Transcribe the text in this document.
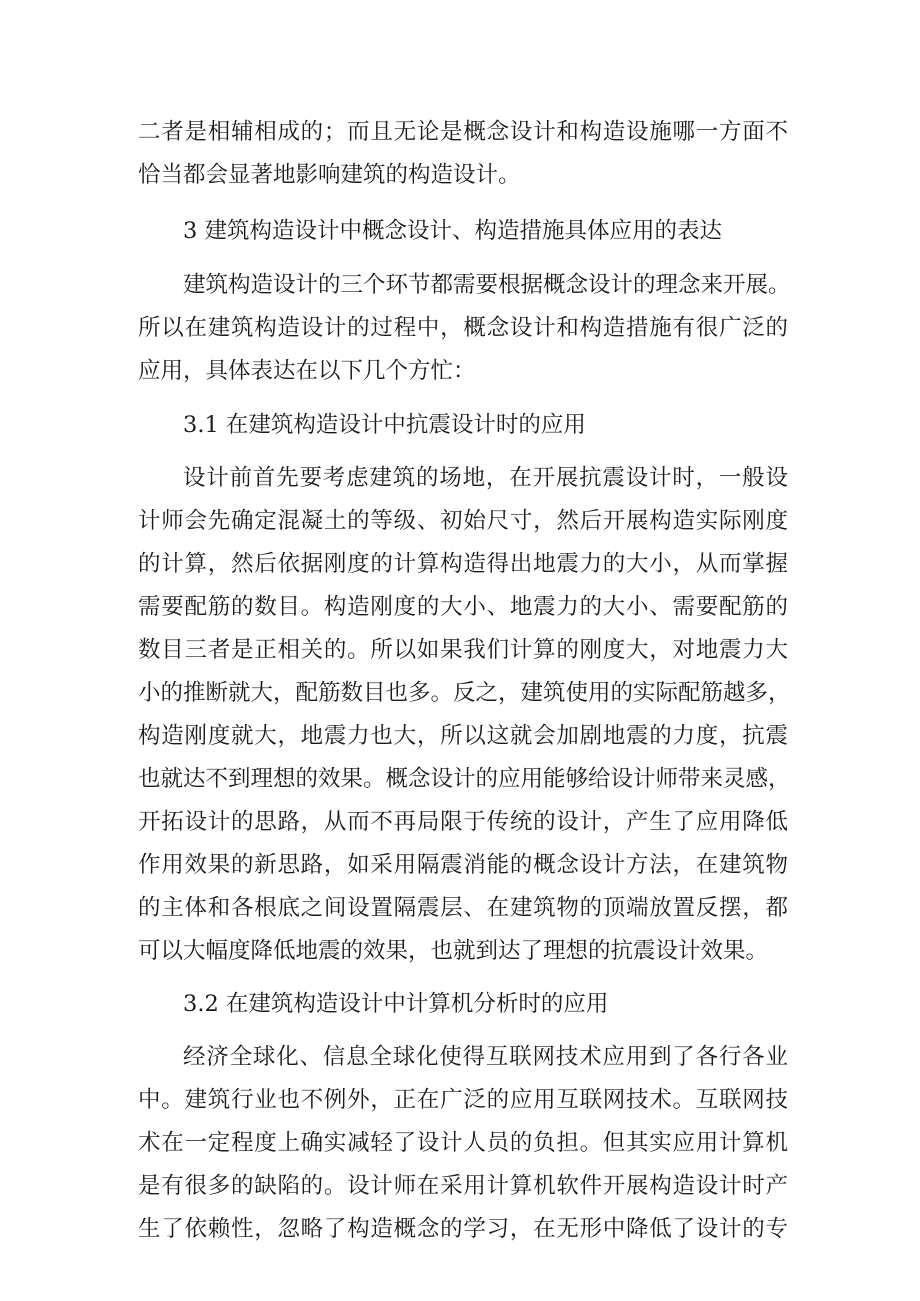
二者是相辅相成的；而且无论是概念设计和构造设施哪一方面不
恰当都会显著地影响建筑的构造设计。
3 建筑构造设计中概念设计、构造措施具体应用的表达
建筑构造设计的三个环节都需要根据概念设计的理念来开展。
所以在建筑构造设计的过程中，概念设计和构造措施有很广泛的
应用，具体表达在以下几个方忙：
3.1 在建筑构造设计中抗震设计时的应用
设计前首先要考虑建筑的场地，在开展抗震设计时，一般设
计师会先确定混凝土的等级、初始尺寸，然后开展构造实际刚度
的计算，然后依据刚度的计算构造得出地震力的大小，从而掌握
需要配筋的数目。构造刚度的大小、地震力的大小、需要配筋的
数目三者是正相关的。所以如果我们计算的刚度大，对地震力大
小的推断就大，配筋数目也多。反之，建筑使用的实际配筋越多，
构造刚度就大，地震力也大，所以这就会加剧地震的力度，抗震
也就达不到理想的效果。概念设计的应用能够给设计师带来灵感，
开拓设计的思路，从而不再局限于传统的设计，产生了应用降低
作用效果的新思路，如采用隔震消能的概念设计方法，在建筑物
的主体和各根底之间设置隔震层、在建筑物的顶端放置反摆，都
可以大幅度降低地震的效果，也就到达了理想的抗震设计效果。
3.2 在建筑构造设计中计算机分析时的应用
经济全球化、信息全球化使得互联网技术应用到了各行各业
中。建筑行业也不例外，正在广泛的应用互联网技术。互联网技
术在一定程度上确实减轻了设计人员的负担。但其实应用计算机
是有很多的缺陷的。设计师在采用计算机软件开展构造设计时产
生了依赖性，忽略了构造概念的学习，在无形中降低了设计的专
